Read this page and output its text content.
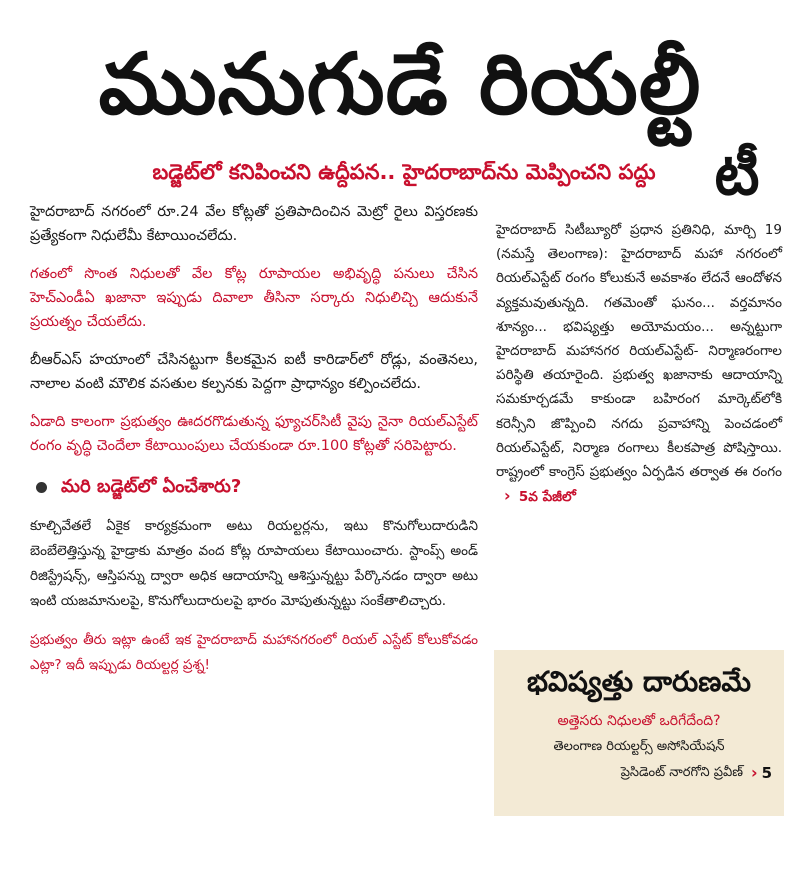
మునుగుడే రియల్టీ
బడ్జెట్‌లో కనిపించని ఉద్దీపన.. హైదరాబాద్‌ను మెప్పించని పద్దు	టీ

హైదరాబాద్ నగరంలో రూ.24 వేల కోట్లతో ప్రతిపాదించిన మెట్రో రైలు విస్తరణకు ప్రత్యేకంగా నిధులేమీ కేటాయించలేదు.

గతంలో సొంత నిధులతో వేల కోట్ల రూపాయల అభివృద్ధి పనులు చేసిన హెచ్‌ఎండీఏ ఖజానా ఇప్పుడు దివాలా తీసినా సర్కారు నిధులిచ్చి ఆదుకునే ప్రయత్నం చేయలేదు.

బీఆర్‌ఎస్ హయాంలో చేసినట్టుగా కీలకమైన ఐటీ కారిడార్‌లో రోడ్లు, వంతెనలు, నాలాల వంటి మౌలిక వసతుల కల్పనకు పెద్దగా ప్రాధాన్యం కల్పించలేదు.

ఏడాది కాలంగా ప్రభుత్వం ఊదరగొడుతున్న ఫ్యూచర్‌సిటీ వైపు నైనా రియల్‌ఎస్టేట్ రంగం వృద్ధి చెందేలా కేటాయింపులు చేయకుండా రూ.100 కోట్లతో సరిపెట్టారు.

మరి బడ్జెట్‌లో ఏంచేశారు?

కూల్చివేతలే ఏకైక కార్యక్రమంగా అటు రియల్టర్లను, ఇటు కొనుగోలుదారుడిని బెంబేలెత్తిస్తున్న హైడ్రాకు మాత్రం వంద కోట్ల రూపాయలు కేటాయించారు. స్టాంప్స్ అండ్ రిజిస్ట్రేషన్స్, ఆస్తిపన్ను ద్వారా అధిక ఆదాయాన్ని ఆశిస్తున్నట్టు పేర్కొనడం ద్వారా అటు ఇంటి యజమానులపై, కొనుగోలుదారులపై భారం మోపుతున్నట్టు సంకేతాలిచ్చారు.

ప్రభుత్వం తీరు ఇట్లా ఉంటే ఇక హైదరాబాద్ మహానగరంలో రియల్ ఎస్టేట్ కోలుకోవడం ఎట్లా? ఇదీ ఇప్పుడు రియల్టర్ల ప్రశ్న!

హైదరాబాద్ సిటీబ్యూరో ప్రధాన ప్రతినిధి, మార్చి 19 (నమస్తే తెలంగాణ): హైదరాబాద్ మహా నగరంలో రియల్‌ఎస్టేట్ రంగం కోలుకునే అవకాశం లేదనే ఆందోళన వ్యక్తమవుతున్నది. గతమెంతో ఘనం... వర్తమానం శూన్యం... భవిష్యత్తు అయోమయం... అన్నట్టుగా హైదరాబాద్ మహానగర రియల్‌ఎస్టేట్- నిర్మాణరంగాల పరిస్థితి తయారైంది. ప్రభుత్వ ఖజానాకు ఆదాయాన్ని సమకూర్చడమే కాకుండా బహిరంగ మార్కెట్‌లోకి కరెన్సీని జొప్పించి నగదు ప్రవాహాన్ని పెంచడంలో రియల్‌ఎస్టేట్, నిర్మాణ రంగాలు కీలకపాత్ర పోషిస్తాయి. రాష్ట్రంలో కాంగ్రెస్ ప్రభుత్వం ఏర్పడిన తర్వాత ఈ రంగం › 5వ పేజీలో

భవిష్యత్తు దారుణమే
అత్తెసరు నిధులతో ఒరిగేదేంది?
తెలంగాణ రియల్టర్స్ అసోసియేషన్
ప్రెసిడెంట్ నారగోని ప్రవీణ్ › 5
